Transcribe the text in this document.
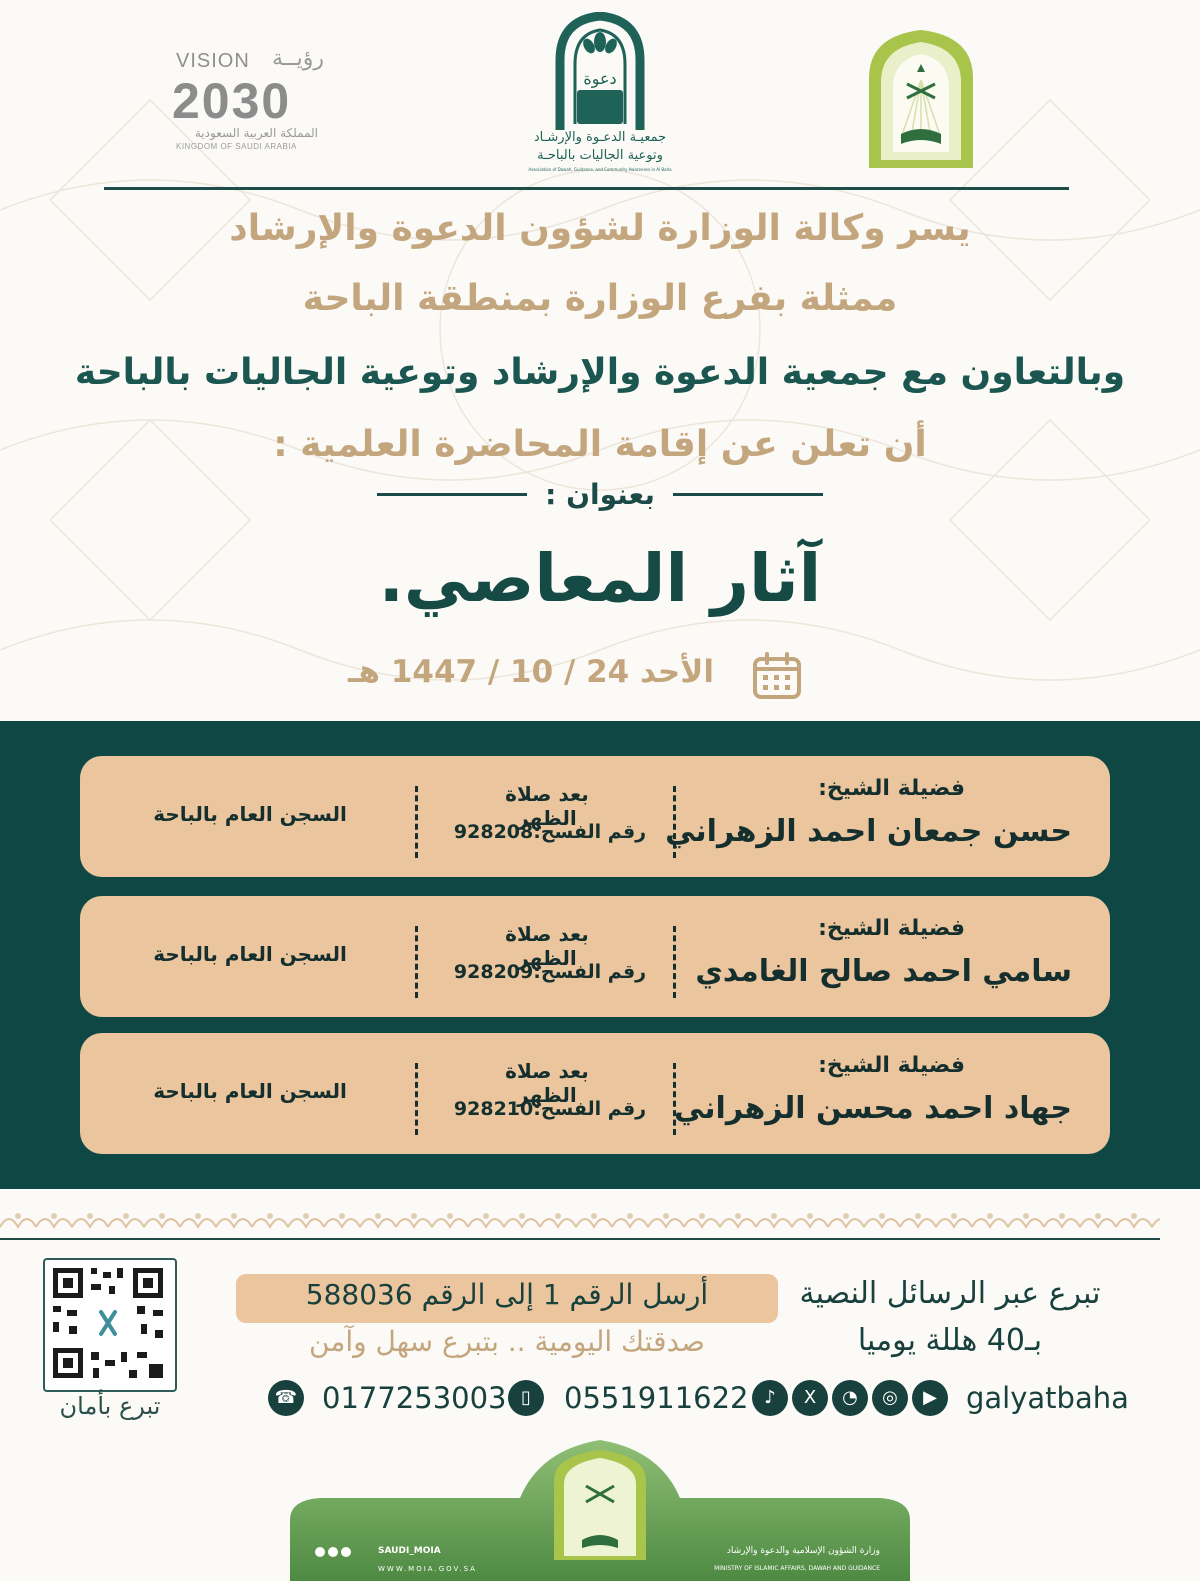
VISION رؤيــة
2030
المملكة العربية السعودية
KINGDOM OF SAUDI ARABIA
دعوة
جمعيـة الدعـوة والإرشـاد
وتوعية الجاليات بالباحـة
Association of Dawah, Guidance, and Community Awareness in Al Baha
يسر وكالة الوزارة لشؤون الدعوة والإرشاد
ممثلة بفرع الوزارة بمنطقة الباحة
وبالتعاون مع جمعية الدعوة والإرشاد وتوعية الجاليات بالباحة
أن تعلن عن إقامة المحاضرة العلمية :
بعنوان :
آثار المعاصي.
الأحد 24 / 10 / 1447 هـ
فضيلة الشيخ:
حسن جمعان احمد الزهراني
بعد صلاة الظهر
رقم الفسح:928208
السجن العام بالباحة
فضيلة الشيخ:
سامي احمد صالح الغامدي
بعد صلاة الظهر
رقم الفسح:928209
السجن العام بالباحة
فضيلة الشيخ:
جهاد احمد محسن الزهراني
بعد صلاة الظهر
رقم الفسح:928210
السجن العام بالباحة
تبرع بأمان
أرسل الرقم 1 إلى الرقم 588036
صدقتك اليومية .. بتبرع سهل وآمن
تبرع عبر الرسائل النصية
بـ40 هللة يوميا
☎ 0177253003 ▯	0551911622 ♪	X	◔	◎	▶	galyatbaha
SAUDI_MOIA
WWW.MOIA.GOV.SA
وزارة الشؤون الإسلامية والدعوة والإرشاد
MINISTRY OF ISLAMIC AFFAIRS, DAWAH AND GUIDANCE
